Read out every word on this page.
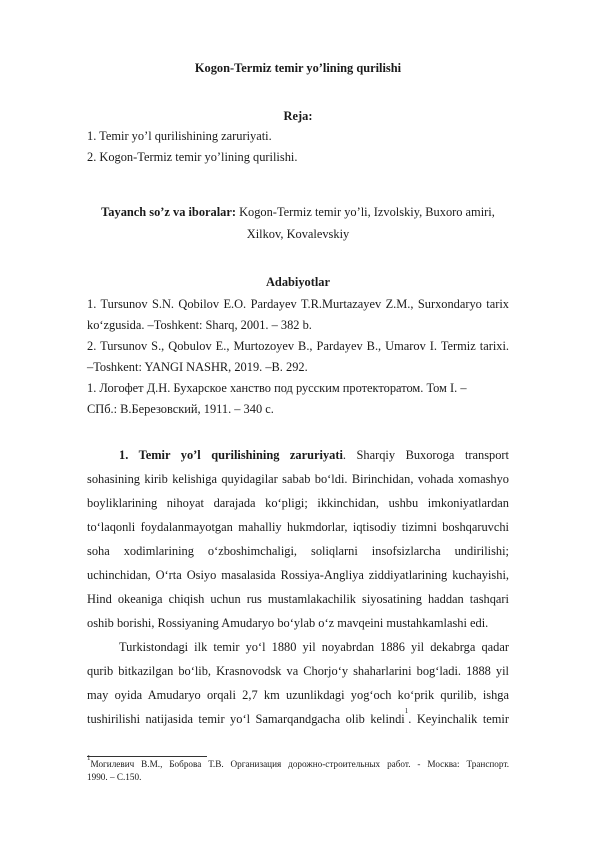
Kogon-Termiz temir yo’lining qurilishi
Reja:
1. Temir yo’l qurilishining zaruriyati.
2. Kogon-Termiz temir yo’lining qurilishi.
Tayanch so’z va iboralar: Kogon-Termiz temir yo’li, Izvolskiy, Buxoro amiri,
Xilkov, Kovalevskiy
Adabiyotlar
1. Tursunov S.N. Qobilov E.O. Pardayev T.R.Murtazayev Z.M., Surxondaryo tarix
ko‘zgusida. –Toshkent: Sharq, 2001. – 382 b.
2. Tursunov S., Qobulov E., Murtozoyev B., Pardayev B., Umarov I. Termiz tarixi.
–Toshkent: YANGI NASHR, 2019. –B. 292.
1. Логофет Д.Н. Бухарское ханство под русским протекторатом. Том I. –
СПб.: В.Березовский, 1911. – 340 с.
1. Temir yo’l qurilishining zaruriyati. Sharqiy Buxoroga transport
sohasining kirib kelishiga quyidagilar sabab bo‘ldi. Birinchidan, vohada xomashyo
boyliklarining nihoyat darajada ko‘pligi; ikkinchidan, ushbu imkoniyatlardan
to‘laqonli foydalanmayotgan mahalliy hukmdorlar, iqtisodiy tizimni boshqaruvchi
soha xodimlarining o‘zboshimchaligi, soliqlarni insofsizlarcha undirilishi;
uchinchidan, O‘rta Osiyo masalasida Rossiya-Angliya ziddiyatlarining kuchayishi,
Hind okeaniga chiqish uchun rus mustamlakachilik siyosatining haddan tashqari
oshib borishi, Rossiyaning Amudaryo bo‘ylab o‘z mavqeini mustahkamlashi edi.
Turkistondagi ilk temir yo‘l 1880 yil noyabrdan 1886 yil dekabrga qadar
qurib bitkazilgan bo‘lib, Krasnovodsk va Chorjo‘y shaharlarini bog‘ladi. 1888 yil
may oyida Amudaryo orqali 2,7 km uzunlikdagi yog‘och ko‘prik qurilib, ishga
tushirilishi natijasida temir yo‘l Samarqandgacha olib kelindi$^1$. Keyinchalik temir
$^1$Могилевич В.М., Боброва Т.В. Организация дорожно-строительных работ. - Москва: Транспорт.
1990. – С.150.
